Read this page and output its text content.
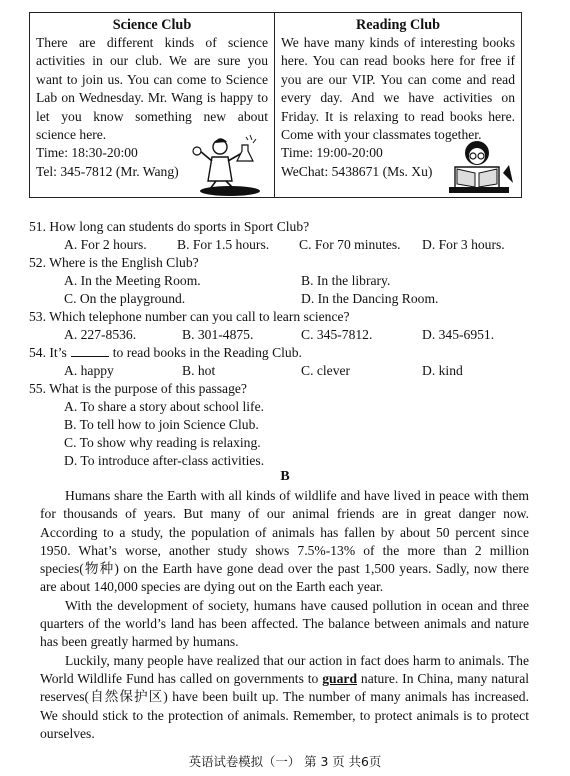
Science Club
There are different kinds of science activities in our club. We are sure you want to join us. You can come to Science Lab on Wednesday. Mr. Wang is happy to let you know something new about science here.
Time: 18:30-20:00
Tel: 345-7812 (Mr. Wang)
Reading Club
We have many kinds of interesting books here. You can read books here for free if you are our VIP. You can come and read every day. And we have activities on Friday. It is relaxing to read books here. Come with your classmates together.
Time: 19:00-20:00
WeChat: 5438671 (Ms. Xu)
51. How long can students do sports in Sport Club?
A. For 2 hours. B. For 1.5 hours. C. For 70 minutes. D. For 3 hours.
52. Where is the English Club?
A. In the Meeting Room.	B. In the library.
C. On the playground.	D. In the Dancing Room.
53. Which telephone number can you call to learn science?
A. 227-8536.	B. 301-4875.	C. 345-7812.	D. 345-6951.
54. It’s	to read books in the Reading Club.
A. happy	B. hot	C. clever	D. kind
55. What is the purpose of this passage?
A. To share a story about school life.
B. To tell how to join Science Club.
C. To show why reading is relaxing.
D. To introduce after-class activities.
B

Humans share the Earth with all kinds of wildlife and have lived in peace with them for thousands of years. But many of our animal friends are in great danger now. According to a study, the population of animals has fallen by about 50 percent since 1950. What’s worse, another study shows 7.5%-13% of the more than 2 million species(物种) on the Earth have gone dead over the past 1,500 years. Sadly, now there are about 140,000 species are dying out on the Earth each year.

With the development of society, humans have caused pollution in ocean and three quarters of the world’s land has been affected. The balance between animals and nature has been greatly harmed by humans.

Luckily, many people have realized that our action in fact does harm to animals. The World Wildlife Fund has called on governments to guard nature. In China, many natural reserves(自然保护区) have been built up. The number of many animals has increased. We should stick to the protection of animals. Remember, to protect animals is to protect ourselves.

英语试卷模拟（一） 第 3 页 共6页
